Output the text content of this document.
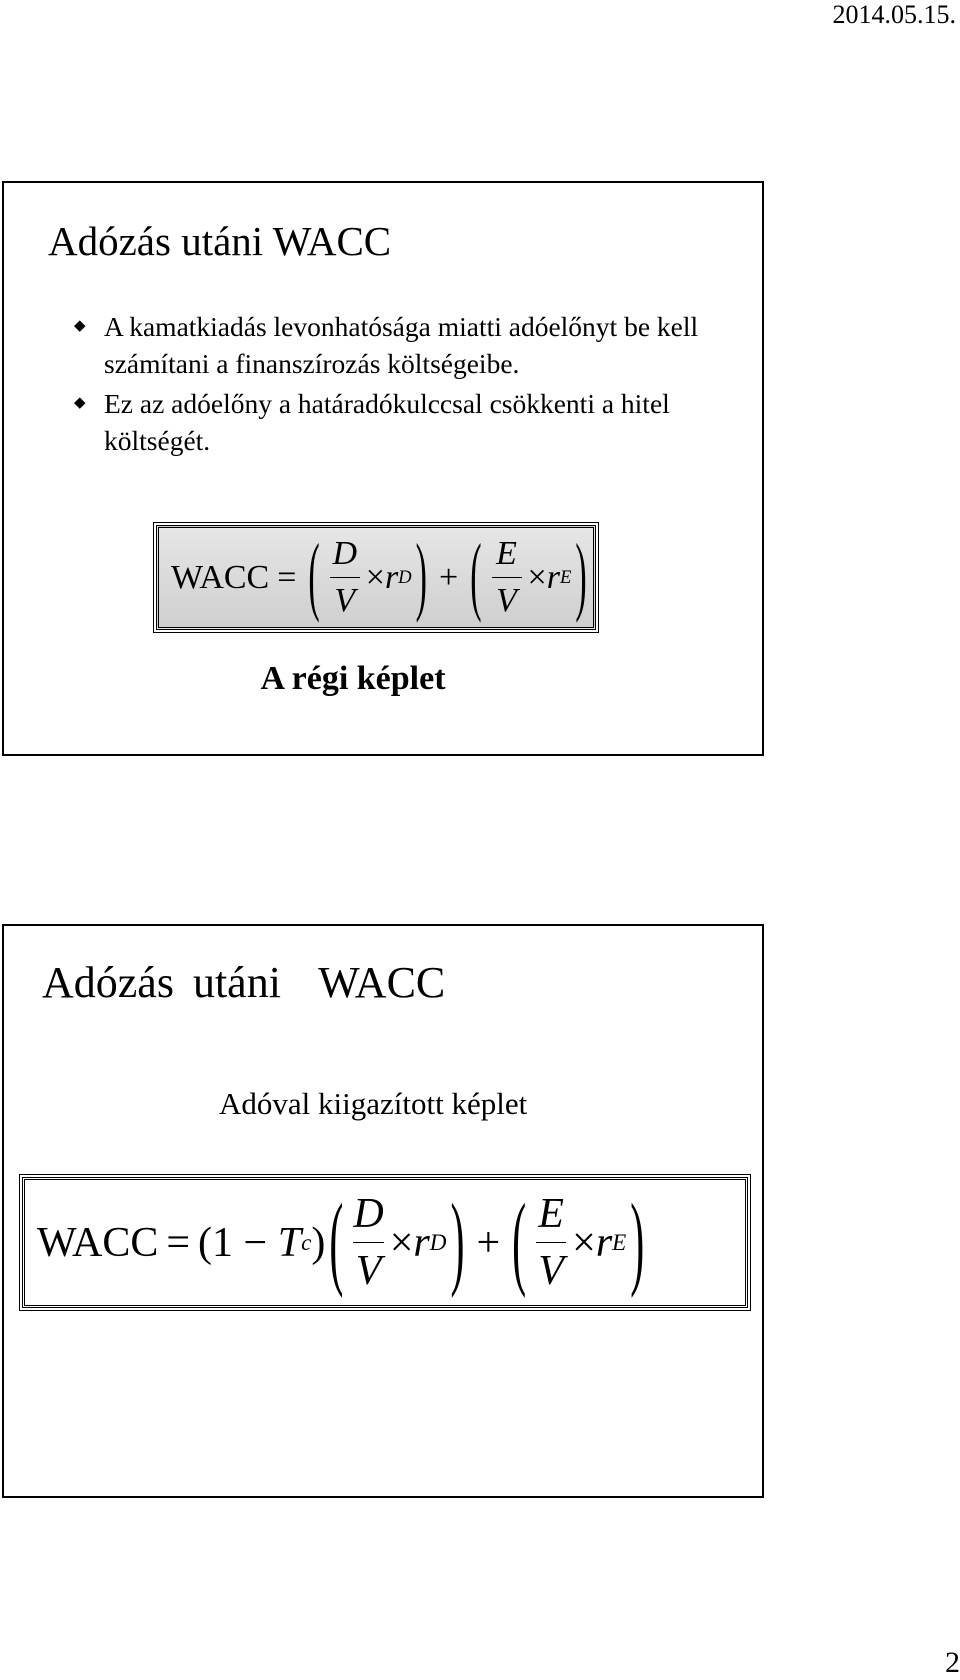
2014.05.15.
Adózás utáni WACC
◆ A kamatkiadás levonhatósága miatti adóelőnyt be kell számítani a finanszírozás költségeibe.
◆ Ez az adóelőny a határadókulccsal csökkenti a hitel költségét.
WACC = ( $\frac{D}{V} \times r$ D ) + ( $\frac{E}{V} \times r$ E )
A régi képlet
Adózás utáni  WACC
Adóval kiigazított képlet
WACC = (1 − T c ) ( $\frac{D}{V} \times r$ D ) + ( $\frac{E}{V} \times r$ E )
2
